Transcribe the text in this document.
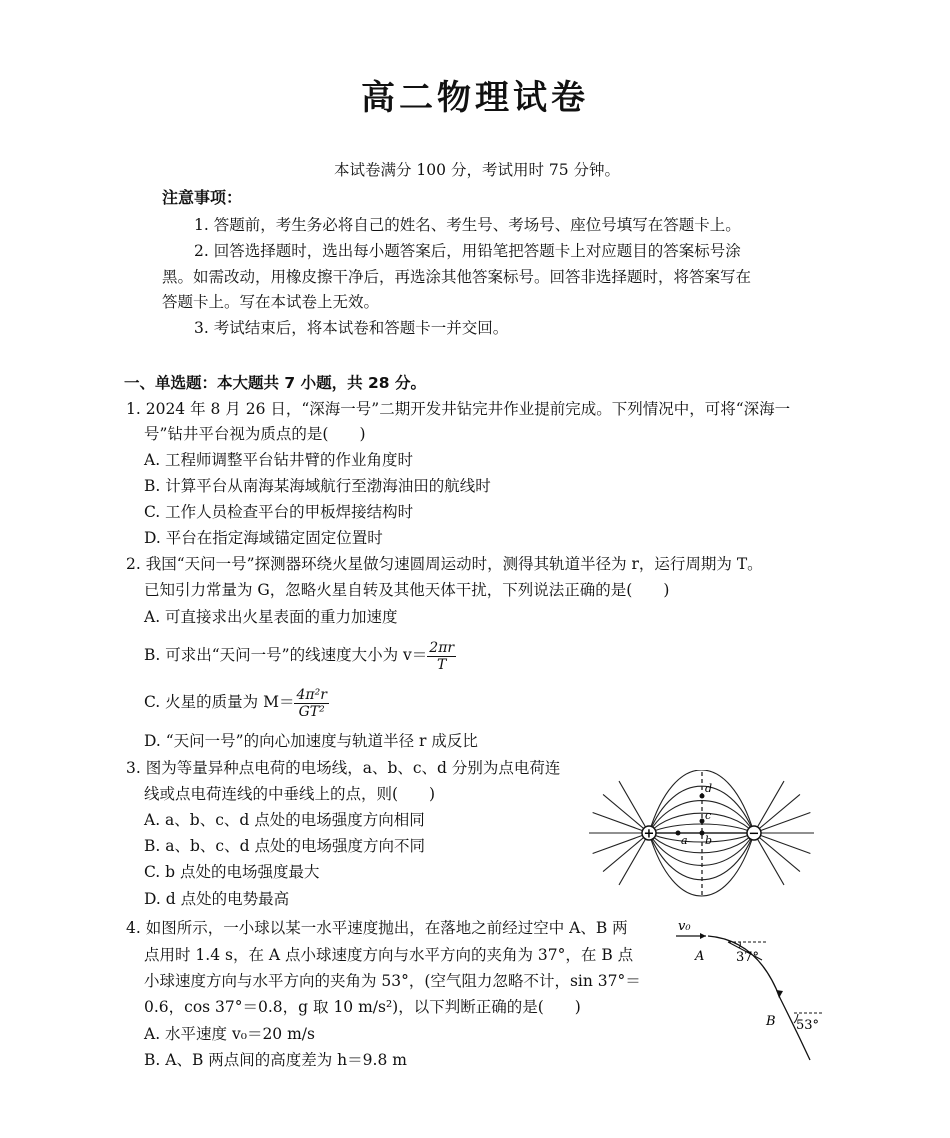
高二物理试卷
本试卷满分 100 分，考试用时 75 分钟。
注意事项：
1. 答题前，考生务必将自己的姓名、考生号、考场号、座位号填写在答题卡上。
2. 回答选择题时，选出每小题答案后，用铅笔把答题卡上对应题目的答案标号涂
黑。如需改动，用橡皮擦干净后，再选涂其他答案标号。回答非选择题时，将答案写在
答题卡上。写在本试卷上无效。
3. 考试结束后，将本试卷和答题卡一并交回。
一、单选题：本大题共 7 小题，共 28 分。
1. 2024 年 8 月 26 日，“深海一号”二期开发井钻完井作业提前完成。下列情况中，可将“深海一
号”钻井平台视为质点的是(　　)
A. 工程师调整平台钻井臂的作业角度时
B. 计算平台从南海某海域航行至渤海油田的航线时
C. 工作人员检查平台的甲板焊接结构时
D. 平台在指定海域锚定固定位置时
2. 我国“天问一号”探测器环绕火星做匀速圆周运动时，测得其轨道半径为 r，运行周期为 T。
已知引力常量为 G，忽略火星自转及其他天体干扰，下列说法正确的是(　　)
A. 可直接求出火星表面的重力加速度
B. 可求出“天问一号”的线速度大小为 $v= \frac{2\pi r}{T}$
C. 火星的质量为 $M= \frac{\text{4π²r}}{\text{GT²}}$
D. “天问一号”的向心加速度与轨道半径 r 成反比
3. 图为等量异种点电荷的电场线，a、b、c、d 分别为点电荷连
线或点电荷连线的中垂线上的点，则(　　)
A. a、b、c、d 点处的电场强度方向相同
B. a、b、c、d 点处的电场强度方向不同
C. b 点处的电场强度最大
D. d 点处的电势最高
a b
c
d
+	−
4. 如图所示，一小球以某一水平速度抛出，在落地之前经过空中 A、B 两
点用时 1.4 s，在 A 点小球速度方向与水平方向的夹角为 37°，在 B 点
小球速度方向与水平方向的夹角为 53°，(空气阻力忽略不计，sin 37°＝
0.6，cos 37°＝0.8，g 取 10 m/s²)，以下判断正确的是(　　)
A. 水平速度 v₀＝20 m/s
B. A、B 两点间的高度差为 h＝9.8 m
v₀
A 37°
B 53°
